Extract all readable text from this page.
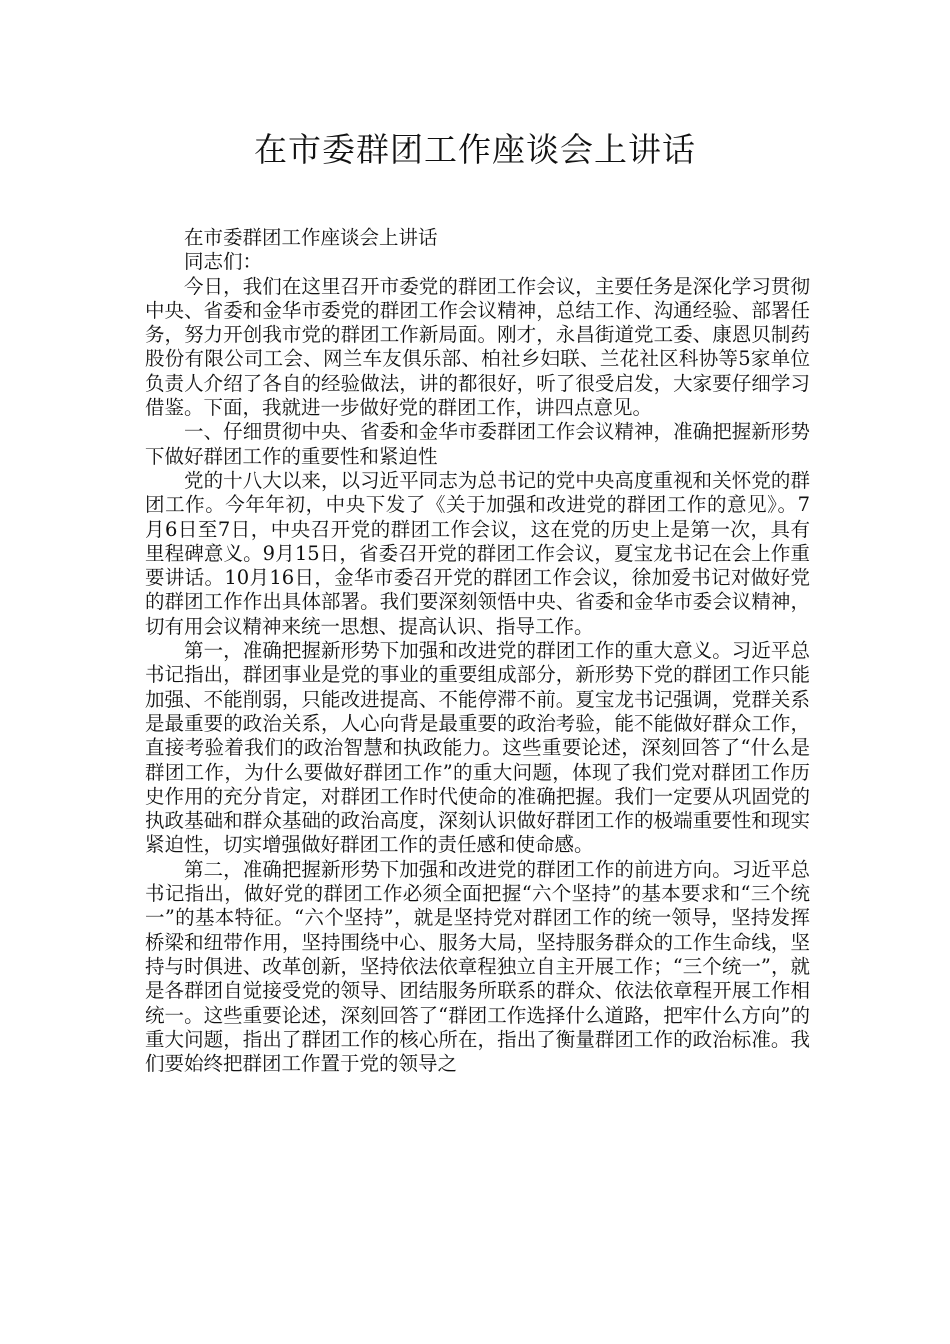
在市委群团工作座谈会上讲话

在市委群团工作座谈会上讲话

同志们：

今日，我们在这里召开市委党的群团工作会议，主要任务是深化学习贯彻中央、省委和金华市委党的群团工作会议精神，总结工作、沟通经验、部署任务，努力开创我市党的群团工作新局面。刚才，永昌街道党工委、康恩贝制药股份有限公司工会、网兰车友俱乐部、柏社乡妇联、兰花社区科协等5家单位负责人介绍了各自的经验做法，讲的都很好，听了很受启发，大家要仔细学习借鉴。下面，我就进一步做好党的群团工作，讲四点意见。

一、仔细贯彻中央、省委和金华市委群团工作会议精神，准确把握新形势下做好群团工作的重要性和紧迫性

党的十八大以来，以习近平同志为总书记的党中央高度重视和关怀党的群团工作。今年年初，中央下发了《关于加强和改进党的群团工作的意见》。7月6日至7日，中央召开党的群团工作会议，这在党的历史上是第一次，具有里程碑意义。9月15日，省委召开党的群团工作会议，夏宝龙书记在会上作重要讲话。10月16日，金华市委召开党的群团工作会议，徐加爱书记对做好党的群团工作作出具体部署。我们要深刻领悟中央、省委和金华市委会议精神，切有用会议精神来统一思想、提高认识、指导工作。

第一，准确把握新形势下加强和改进党的群团工作的重大意义。习近平总书记指出，群团事业是党的事业的重要组成部分，新形势下党的群团工作只能加强、不能削弱，只能改进提高、不能停滞不前。夏宝龙书记强调，党群关系是最重要的政治关系，人心向背是最重要的政治考验，能不能做好群众工作，直接考验着我们的政治智慧和执政能力。这些重要论述，深刻回答了“什么是群团工作，为什么要做好群团工作”的重大问题，体现了我们党对群团工作历史作用的充分肯定，对群团工作时代使命的准确把握。我们一定要从巩固党的执政基础和群众基础的政治高度，深刻认识做好群团工作的极端重要性和现实紧迫性，切实增强做好群团工作的责任感和使命感。

第二，准确把握新形势下加强和改进党的群团工作的前进方向。习近平总书记指出，做好党的群团工作必须全面把握“六个坚持”的基本要求和“三个统一”的基本特征。“六个坚持”，就是坚持党对群团工作的统一领导，坚持发挥桥梁和纽带作用，坚持围绕中心、服务大局，坚持服务群众的工作生命线，坚持与时俱进、改革创新，坚持依法依章程独立自主开展工作；“三个统一”，就是各群团自觉接受党的领导、团结服务所联系的群众、依法依章程开展工作相统一。这些重要论述，深刻回答了“群团工作选择什么道路，把牢什么方向”的重大问题，指出了群团工作的核心所在，指出了衡量群团工作的政治标准。我们要始终把群团工作置于党的领导之
